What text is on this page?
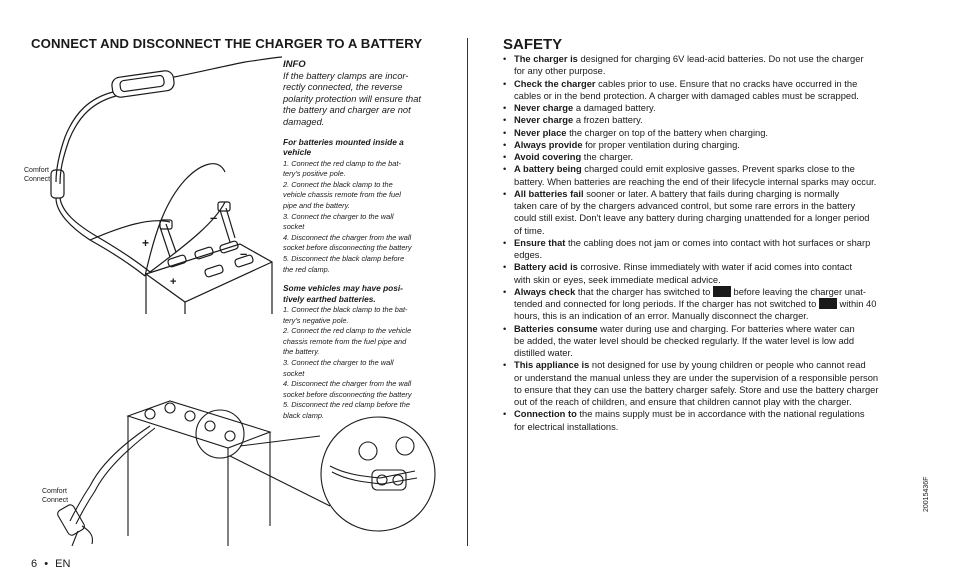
CONNECT AND DISCONNECT THE CHARGER TO A BATTERY	SAFETY
Comfort
Connect
+
–
–
+
Comfort
Connect
INFO
If the battery clamps are incor-
rectly connected, the reverse
polarity protection will ensure that
the battery and charger are not
damaged.
For batteries mounted inside a
vehicle
1. Connect the red clamp to the bat-
tery's positive pole.
2. Connect the black clamp to the
vehicle chassis remote from the fuel
pipe and the battery.
3. Connect the charger to the wall
socket
4. Disconnect the charger from the wall
socket before disconnecting the battery
5. Disconnect the black clamp before
the red clamp.
Some vehicles may have posi-
tively earthed batteries.
1. Connect the black clamp to the bat-
tery's negative pole.
2. Connect the red clamp to the vehicle
chassis remote from the fuel pipe and
the battery.
3. Connect the charger to the wall
socket
4. Disconnect the charger from the wall
socket before disconnecting the battery
5. Disconnect the red clamp before the
black clamp.
• The charger is designed for charging 6V lead-acid batteries. Do not use the charger
for any other purpose.
• Check the charger cables prior to use. Ensure that no cracks have occurred in the
cables or in the bend protection. A charger with damaged cables must be scrapped.
• Never charge a damaged battery.
• Never charge a frozen battery.
• Never place the charger on top of the battery when charging.
• Always provide for proper ventilation during charging.
• Avoid covering the charger.
• A battery being charged could emit explosive gasses. Prevent sparks close to the
battery. When batteries are reaching the end of their lifecycle internal sparks may occur.
• All batteries fail sooner or later. A battery that fails during charging is normally
taken care of by the chargers advanced control, but some rare errors in the battery
could still exist. Don't leave any battery during charging unattended for a longer period
of time.
• Ensure that the cabling does not jam or comes into contact with hot surfaces or sharp
edges.
• Battery acid is corrosive. Rinse immediately with water if acid comes into contact
with skin or eyes, seek immediate medical advice.
• Always check that the charger has switched to  before leaving the charger unat-
tended and connected for long periods. If the charger has not switched to  within 40
hours, this is an indication of an error. Manually disconnect the charger.
• Batteries consume water during use and charging. For batteries where water can
be added, the water level should be checked regularly. If the water level is low add
distilled water.
• This appliance is not designed for use by young children or people who cannot read
or understand the manual unless they are under the supervision of a responsible person
to ensure that they can use the battery charger safely. Store and use the battery charger
out of the reach of children, and ensure that children cannot play with the charger.
• Connection to the mains supply must be in accordance with the national regulations
for electrical installations.
6 • EN
20015436F
